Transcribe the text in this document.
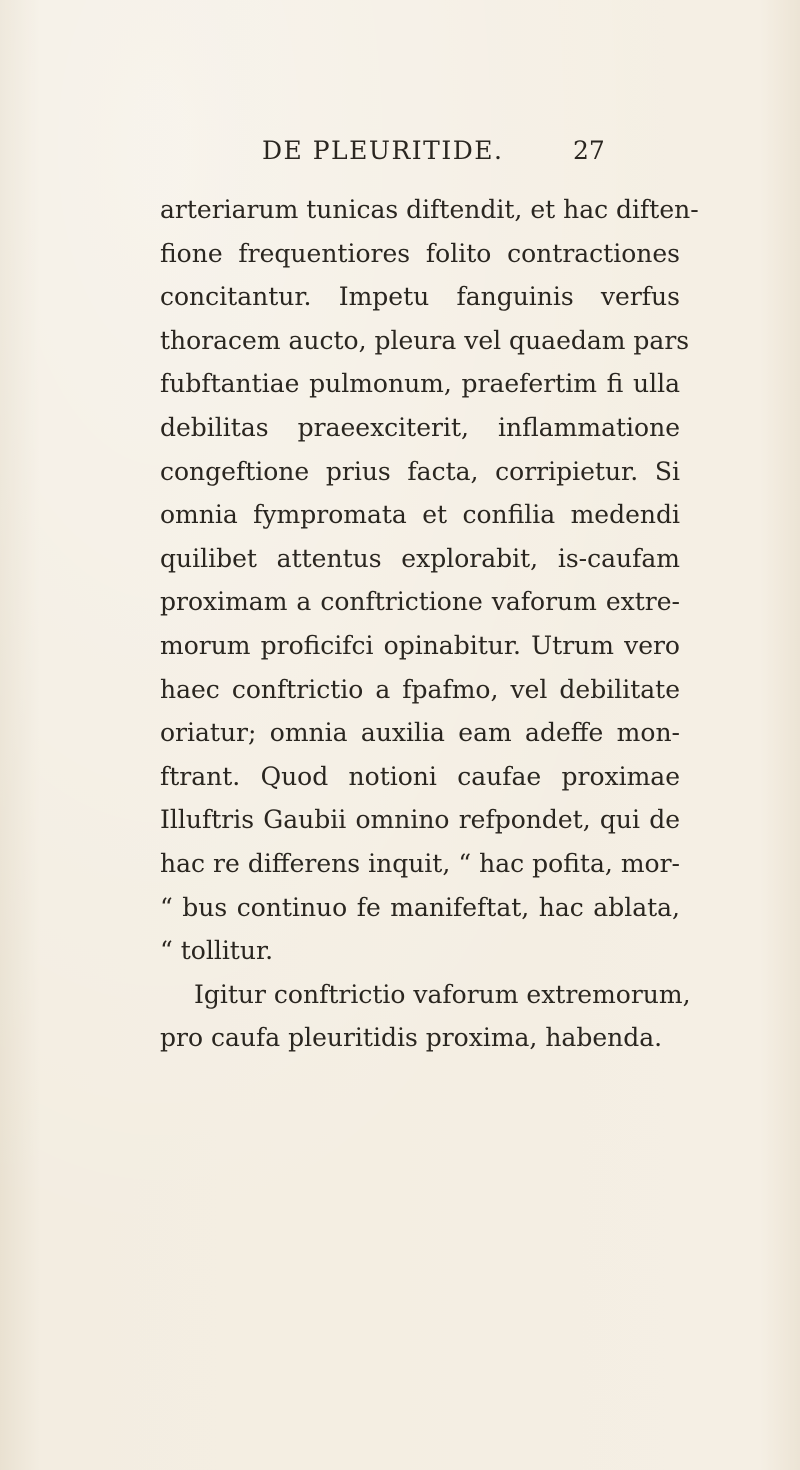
DE PLEURITIDE.	27
arteriarum tunicas diftendit, et hac diften-
fione frequentiores folito contractiones
concitantur. Impetu fanguinis verfus
thoracem aucto, pleura vel quaedam pars
fubftantiae pulmonum, praefertim fi ulla
debilitas praeexciterit, inflammatione
congeftione prius facta, corripietur. Si
omnia fympromata et confilia medendi
quilibet attentus explorabit, is-caufam
proximam a conftrictione vaforum extre-
morum proficifci opinabitur. Utrum vero
haec conftrictio a fpafmo, vel debilitate
oriatur; omnia auxilia eam adeffe mon-
ftrant. Quod notioni caufae proximae
Illuftris Gaubii omnino refpondet, qui de
hac re differens inquit, “ hac pofita, mor-
“ bus continuo fe manifeftat, hac ablata,
“ tollitur.
Igitur conftrictio vaforum extremorum,
pro caufa pleuritidis proxima, habenda.
